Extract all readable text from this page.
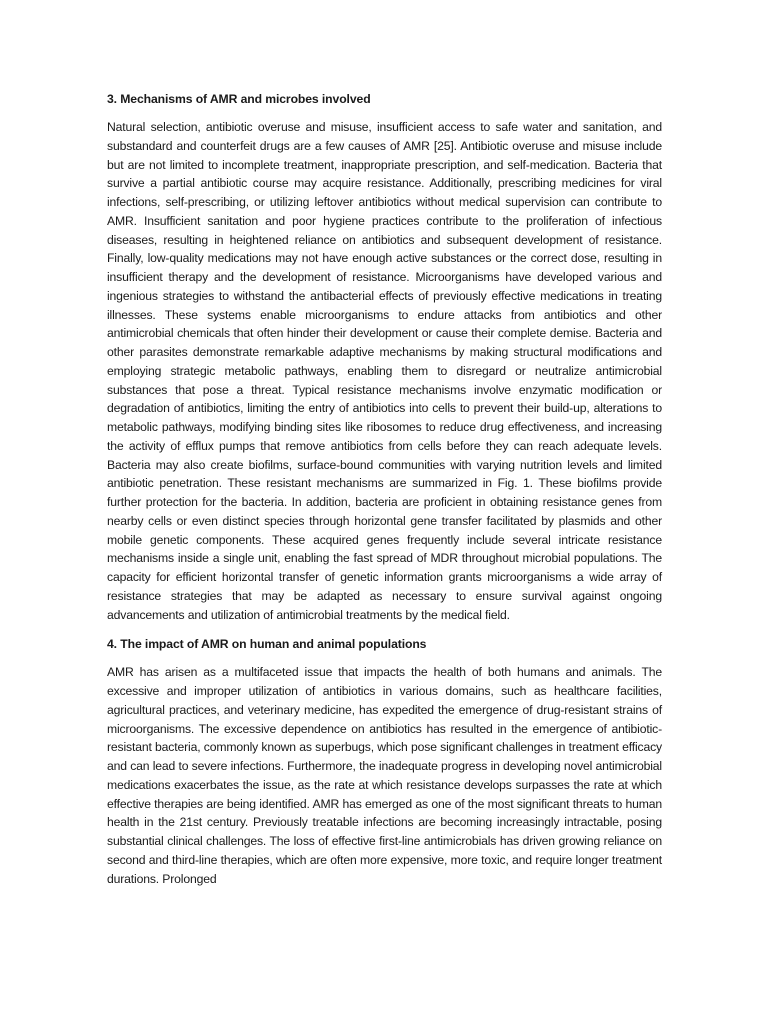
3. Mechanisms of AMR and microbes involved

Natural selection, antibiotic overuse and misuse, insufficient access to safe water and sanitation, and substandard and counterfeit drugs are a few causes of AMR [25]. Antibiotic overuse and misuse include but are not limited to incomplete treatment, inappropriate prescription, and self-medication. Bacteria that survive a partial antibiotic course may acquire resistance. Additionally, prescribing medicines for viral infections, self-prescribing, or utilizing leftover antibiotics without medical supervision can contribute to AMR. Insufficient sanitation and poor hygiene practices contribute to the proliferation of infectious diseases, resulting in heightened reliance on antibiotics and subsequent development of resistance. Finally, low-quality medications may not have enough active substances or the correct dose, resulting in insufficient therapy and the development of resistance. Microorganisms have developed various and ingenious strategies to withstand the antibacterial effects of previously effective medications in treating illnesses. These systems enable microorganisms to endure attacks from antibiotics and other antimicrobial chemicals that often hinder their development or cause their complete demise. Bacteria and other parasites demonstrate remarkable adaptive mechanisms by making structural modifications and employing strategic metabolic pathways, enabling them to disregard or neutralize antimicrobial substances that pose a threat. Typical resistance mechanisms involve enzymatic modification or degradation of antibiotics, limiting the entry of antibiotics into cells to prevent their build-up, alterations to metabolic pathways, modifying binding sites like ribosomes to reduce drug effectiveness, and increasing the activity of efflux pumps that remove antibiotics from cells before they can reach adequate levels. Bacteria may also create biofilms, surface-bound communities with varying nutrition levels and limited antibiotic penetration. These resistant mechanisms are summarized in Fig. 1. These biofilms provide further protection for the bacteria. In addition, bacteria are proficient in obtaining resistance genes from nearby cells or even distinct species through horizontal gene transfer facilitated by plasmids and other mobile genetic components. These acquired genes frequently include several intricate resistance mechanisms inside a single unit, enabling the fast spread of MDR throughout microbial populations. The capacity for efficient horizontal transfer of genetic information grants microorganisms a wide array of resistance strategies that may be adapted as necessary to ensure survival against ongoing advancements and utilization of antimicrobial treatments by the medical field.

4. The impact of AMR on human and animal populations

AMR has arisen as a multifaceted issue that impacts the health of both humans and animals. The excessive and improper utilization of antibiotics in various domains, such as healthcare facilities, agricultural practices, and veterinary medicine, has expedited the emergence of drug-resistant strains of microorganisms. The excessive dependence on antibiotics has resulted in the emergence of antibiotic-resistant bacteria, commonly known as superbugs, which pose significant challenges in treatment efficacy and can lead to severe infections. Furthermore, the inadequate progress in developing novel antimicrobial medications exacerbates the issue, as the rate at which resistance develops surpasses the rate at which effective therapies are being identified. AMR has emerged as one of the most significant threats to human health in the 21st century. Previously treatable infections are becoming increasingly intractable, posing substantial clinical challenges. The loss of effective first-line antimicrobials has driven growing reliance on second and third-line therapies, which are often more expensive, more toxic, and require longer treatment durations. Prolonged
